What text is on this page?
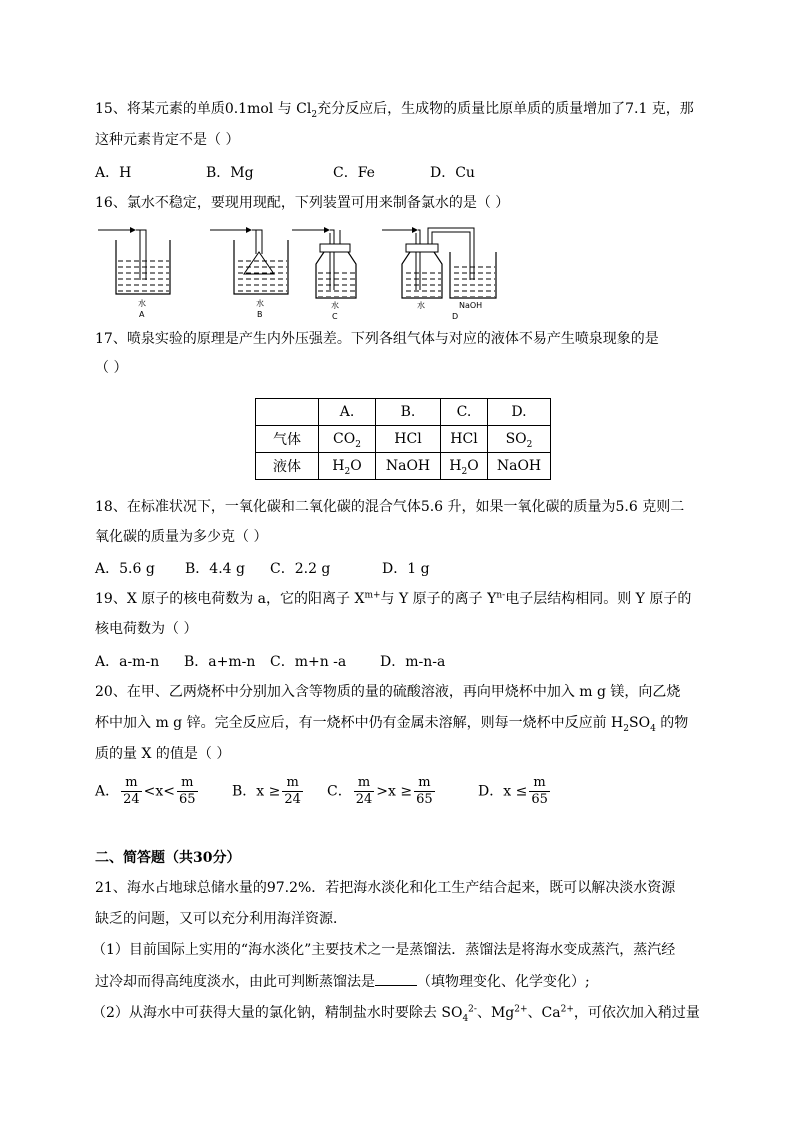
15、将某元素的单质0.1mol 与 $Cl_2$充分反应后，生成物的质量比原单质的质量增加了7.1 克，那
这种元素肯定不是（ ）
A．H	B．Mg	C．Fe	D．Cu
16、氯水不稳定，要现用现配，下列装置可用来制备氯水的是（ ）
水
A
水
B
水
C
水	NaOH
D
17、喷泉实验的原理是产生内外压强差。下列各组气体与对应的液体不易产生喷泉现象的是
（ ）
	A.	B.	C.	D.
气体	$CO_2$	HCl	HCl	$SO_2$
液体	$H_2O$	NaOH	$H_2O$	NaOH
18、在标准状况下，一氧化碳和二氧化碳的混合气体5.6 升，如果一氧化碳的质量为5.6 克则二
氧化碳的质量为多少克（ ）
A．5.6 g B．4.4 g C．2.2 g	D．1 g
19、X 原子的核电荷数为 a，它的阳离子 $X^{m+}$与 Y 原子的离子 $Y^{n-}$电子层结构相同。则 Y 原子的
核电荷数为（ ）
A．a-m-n B．a+m-n C．m+n -a D．m-n-a
20、在甲、乙两烧杯中分别加入含等物质的量的硫酸溶液，再向甲烧杯中加入 m g 镁，向乙烧
杯中加入 m g 锌。完全反应后，有一烧杯中仍有金属未溶解，则每一烧杯中反应前 $H_2SO_4$ 的物
质的量 X 的值是（ ）
A． $\frac{m}{24} <x< \frac{m}{65}$ B．$x \ge \frac{m}{24}$ C． $\frac{m}{24} >x \ge \frac{m}{65}$	D．$x \le \frac{m}{65}$
二、简答题（共30分）
21、海水占地球总储水量的97.2%．若把海水淡化和化工生产结合起来，既可以解决淡水资源
缺乏的问题，又可以充分利用海洋资源．
（1）目前国际上实用的“海水淡化”主要技术之一是蒸馏法．蒸馏法是将海水变成蒸汽，蒸汽经
过冷却而得高纯度淡水，由此可判断蒸馏法是	（填物理变化、化学变化）;
（2）从海水中可获得大量的氯化钠，精制盐水时要除去 $SO_4^{2-}$、$Mg^{2+}$、$Ca^{2+}$，可依次加入稍过量
